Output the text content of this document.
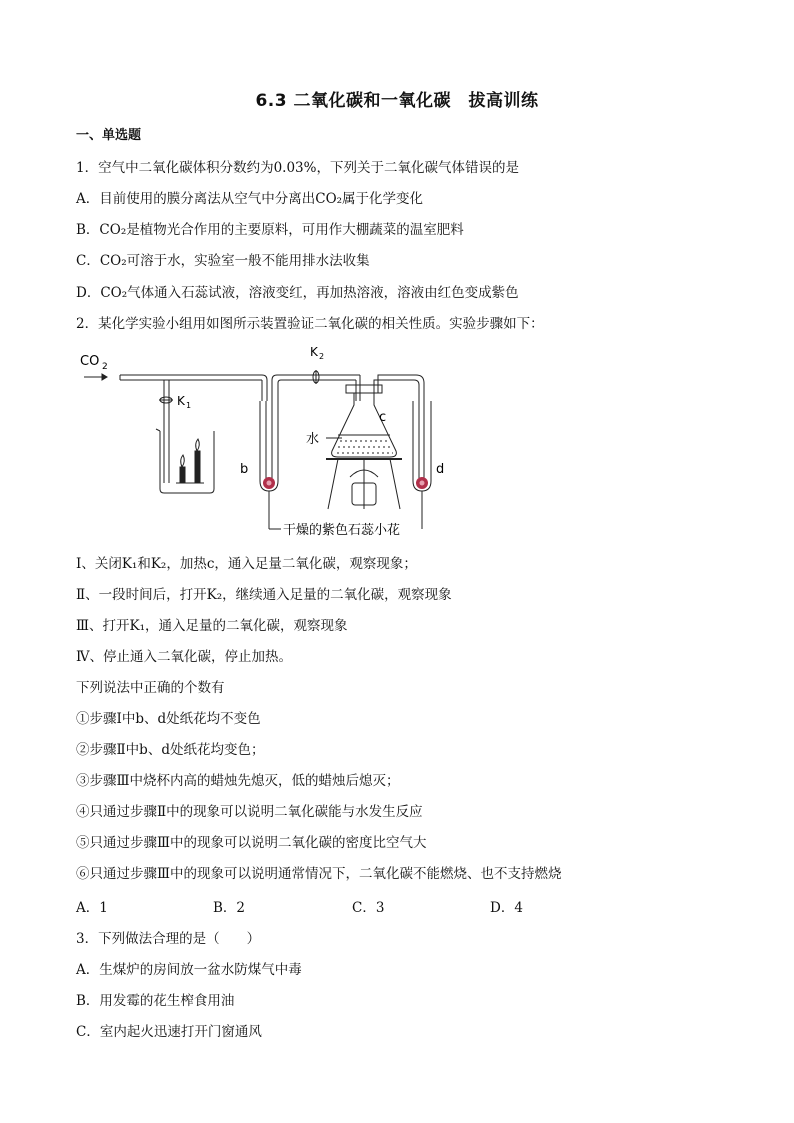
6.3 二氧化碳和一氧化碳　拔高训练
一、单选题
1．空气中二氧化碳体积分数约为0.03%，下列关于二氧化碳气体错误的是
A．目前使用的膜分离法从空气中分离出CO₂属于化学变化
B．CO₂是植物光合作用的主要原料，可用作大棚蔬菜的温室肥料
C．CO₂可溶于水，实验室一般不能用排水法收集
D．CO₂气体通入石蕊试液，溶液变红，再加热溶液，溶液由红色变成紫色
2．某化学实验小组用如图所示装置验证二氧化碳的相关性质。实验步骤如下：
CO 2
K 1
K 2
b
c
d
水
干燥的紫色石蕊小花
Ⅰ、关闭K₁和K₂，加热c，通入足量二氧化碳，观察现象；
Ⅱ、一段时间后，打开K₂，继续通入足量的二氧化碳，观察现象
Ⅲ、打开K₁，通入足量的二氧化碳，观察现象
Ⅳ、停止通入二氧化碳，停止加热。
下列说法中正确的个数有
①步骤Ⅰ中b、d处纸花均不变色
②步骤Ⅱ中b、d处纸花均变色；
③步骤Ⅲ中烧杯内高的蜡烛先熄灭，低的蜡烛后熄灭；
④只通过步骤Ⅱ中的现象可以说明二氧化碳能与水发生反应
⑤只通过步骤Ⅲ中的现象可以说明二氧化碳的密度比空气大
⑥只通过步骤Ⅲ中的现象可以说明通常情况下，二氧化碳不能燃烧、也不支持燃烧
A．1	B．2	C．3	D．4
3．下列做法合理的是（　　）
A．生煤炉的房间放一盆水防煤气中毒
B．用发霉的花生榨食用油
C．室内起火迅速打开门窗通风
